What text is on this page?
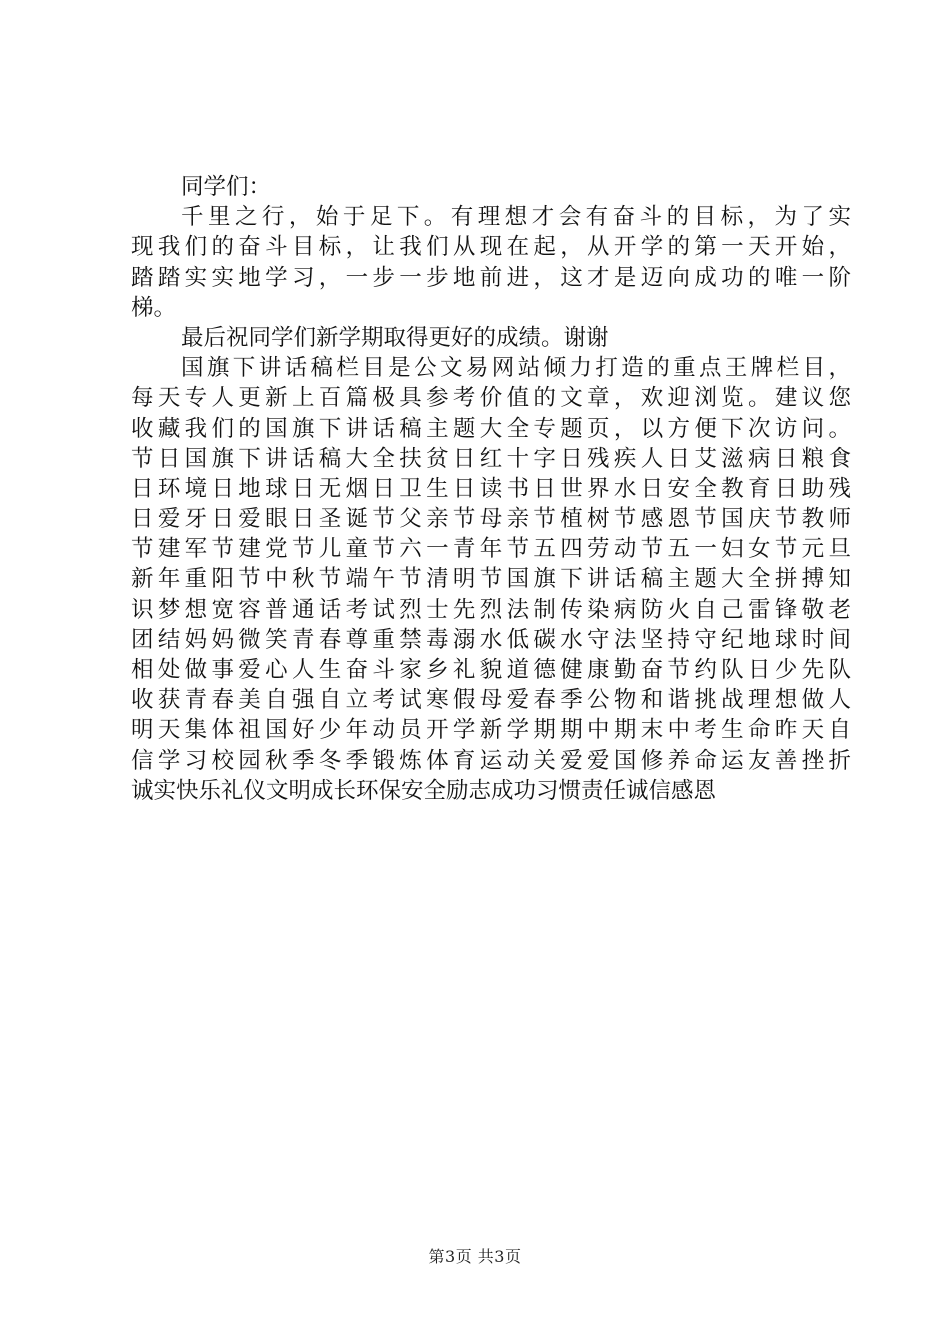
同学们：
千里之行，始于足下。有理想才会有奋斗的目标，为了实
现我们的奋斗目标，让我们从现在起，从开学的第一天开始，
踏踏实实地学习，一步一步地前进，这才是迈向成功的唯一阶
梯。
最后祝同学们新学期取得更好的成绩。谢谢
国旗下讲话稿栏目是公文易网站倾力打造的重点王牌栏目，
每天专人更新上百篇极具参考价值的文章，欢迎浏览。建议您
收藏我们的国旗下讲话稿主题大全专题页，以方便下次访问。
节日国旗下讲话稿大全扶贫日红十字日残疾人日艾滋病日粮食
日环境日地球日无烟日卫生日读书日世界水日安全教育日助残
日爱牙日爱眼日圣诞节父亲节母亲节植树节感恩节国庆节教师
节建军节建党节儿童节六一青年节五四劳动节五一妇女节元旦
新年重阳节中秋节端午节清明节国旗下讲话稿主题大全拼搏知
识梦想宽容普通话考试烈士先烈法制传染病防火自己雷锋敬老
团结妈妈微笑青春尊重禁毒溺水低碳水守法坚持守纪地球时间
相处做事爱心人生奋斗家乡礼貌道德健康勤奋节约队日少先队
收获青春美自强自立考试寒假母爱春季公物和谐挑战理想做人
明天集体祖国好少年动员开学新学期期中期末中考生命昨天自
信学习校园秋季冬季锻炼体育运动关爱爱国修养命运友善挫折
诚实快乐礼仪文明成长环保安全励志成功习惯责任诚信感恩
第3页 共3页
